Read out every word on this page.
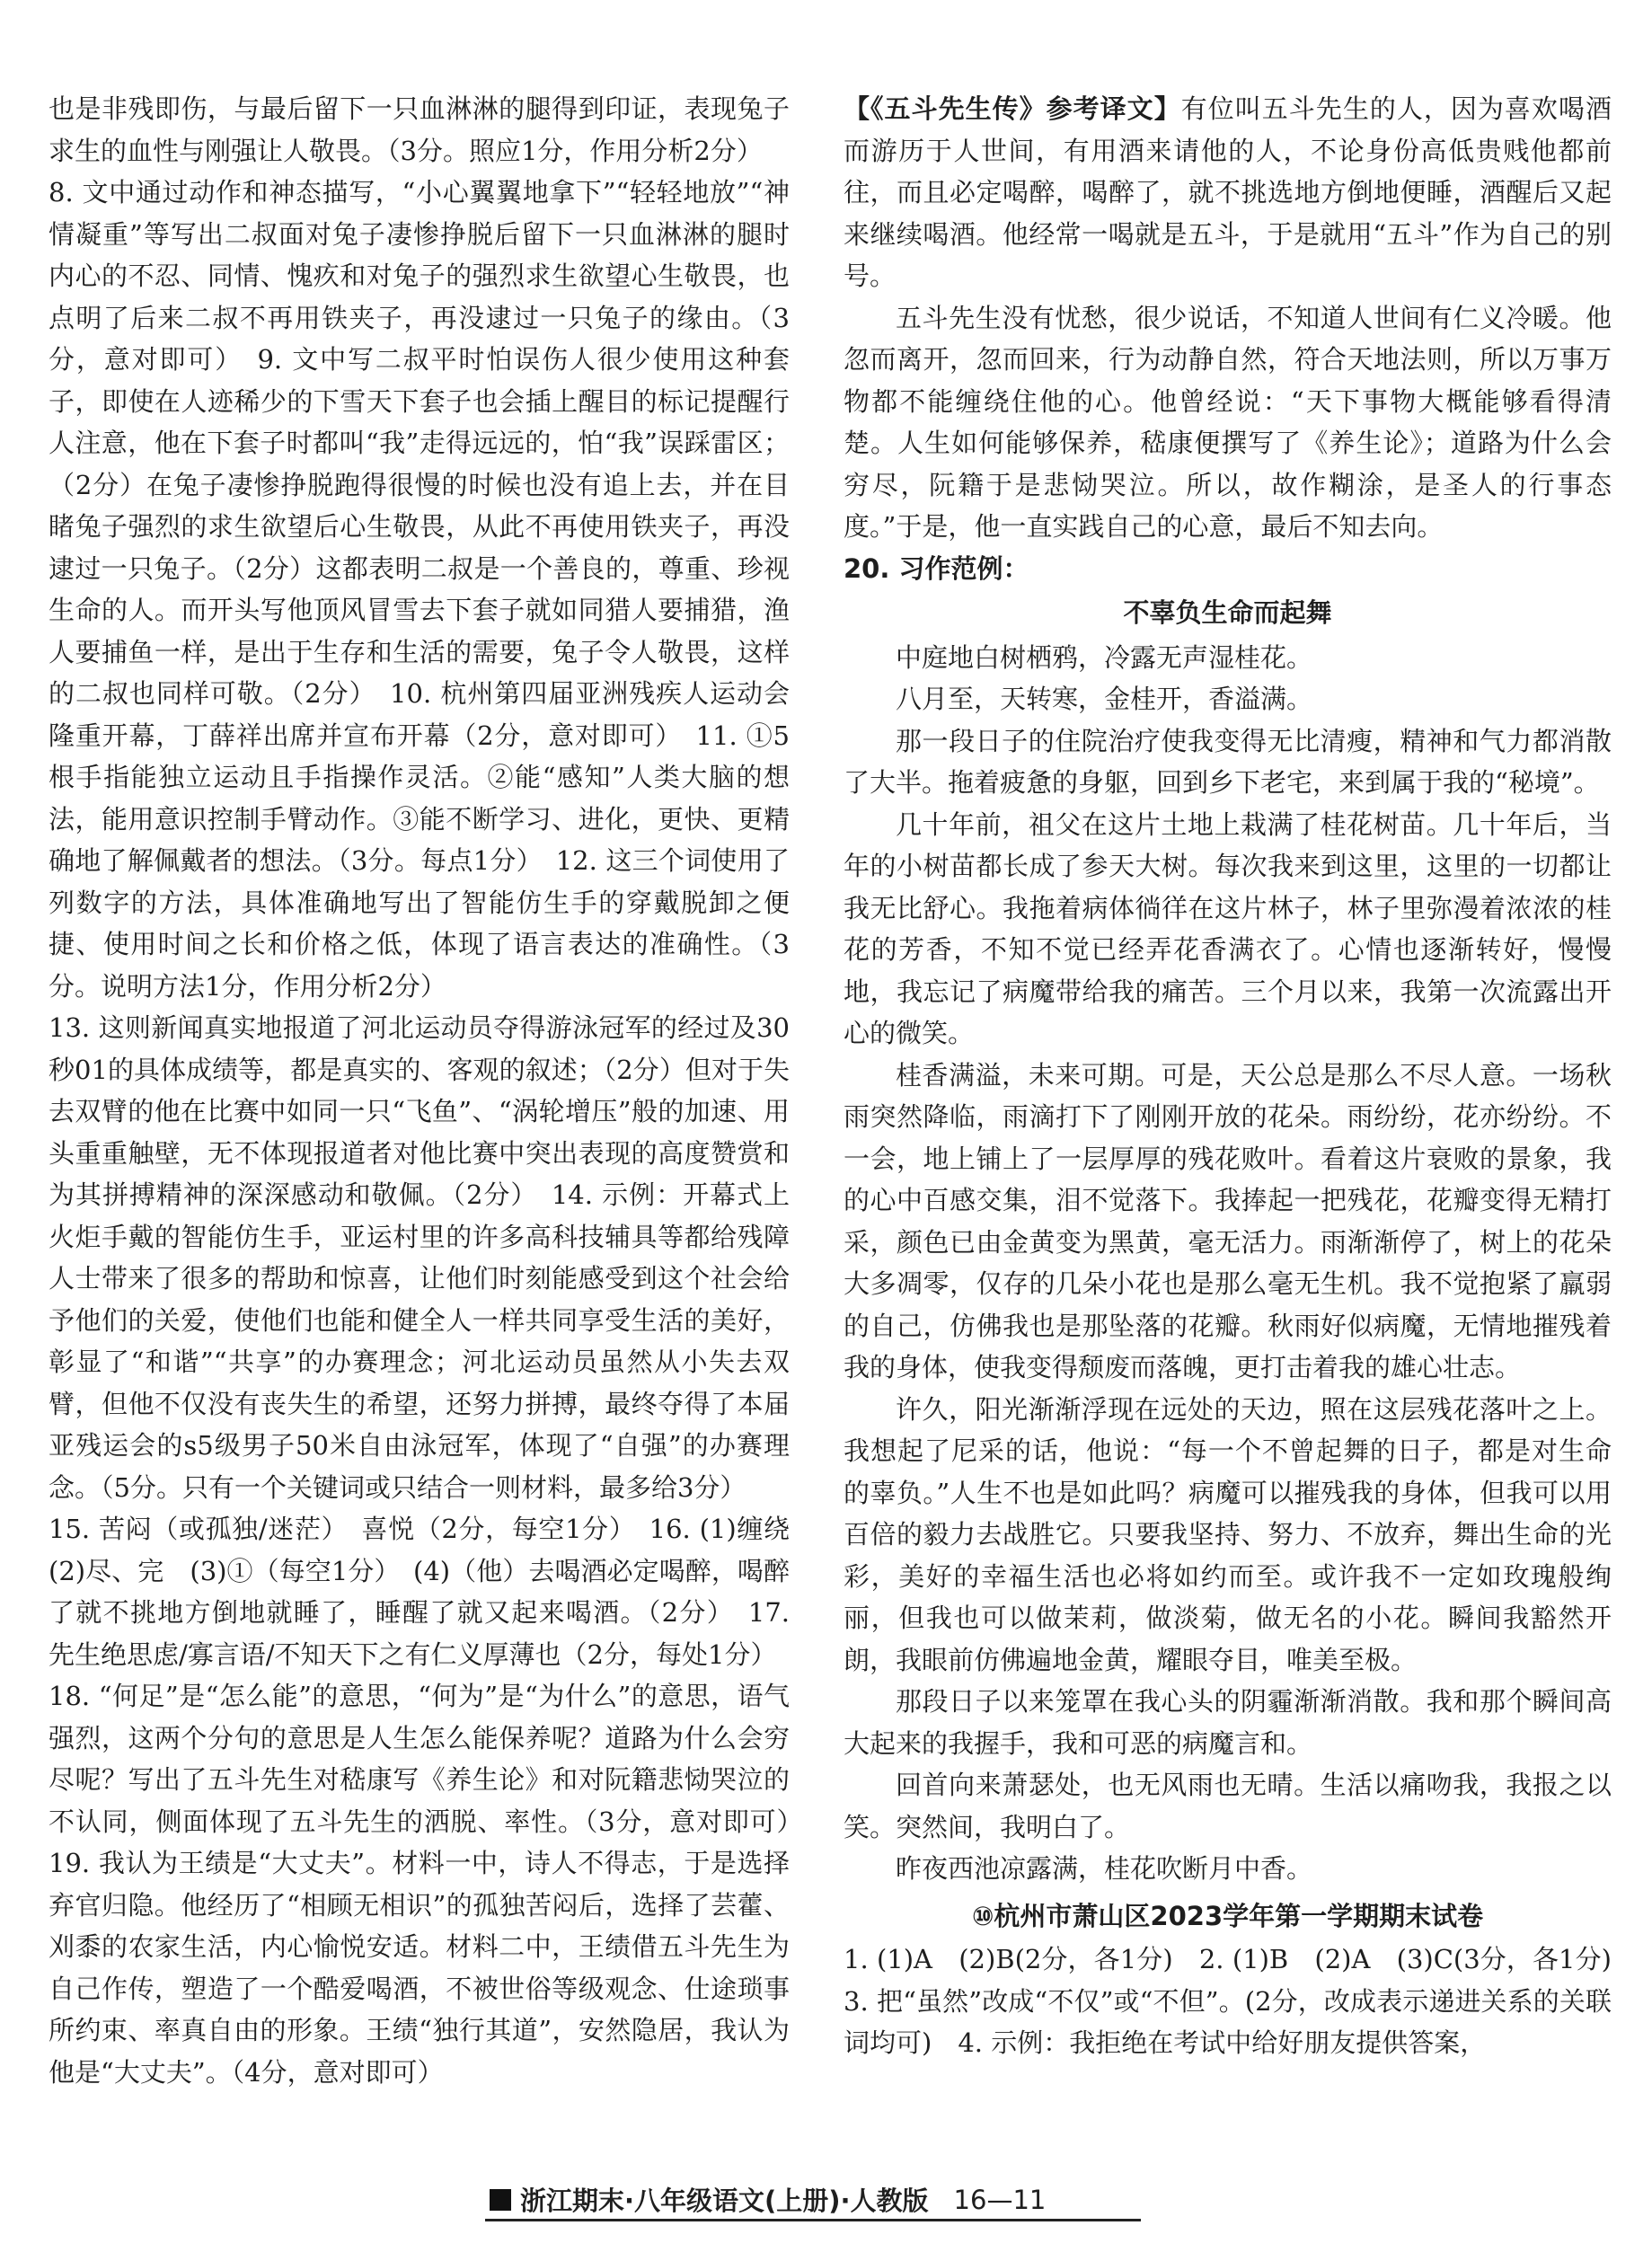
也是非残即伤，与最后留下一只血淋淋的腿得到印证，表现兔子求生的血性与刚强让人敬畏。（3分。照应1分，作用分析2分）

8. 文中通过动作和神态描写，“小心翼翼地拿下”“轻轻地放”“神情凝重”等写出二叔面对兔子凄惨挣脱后留下一只血淋淋的腿时内心的不忍、同情、愧疚和对兔子的强烈求生欲望心生敬畏，也点明了后来二叔不再用铁夹子，再没逮过一只兔子的缘由。（3分，意对即可）　9. 文中写二叔平时怕误伤人很少使用这种套子，即使在人迹稀少的下雪天下套子也会插上醒目的标记提醒行人注意，他在下套子时都叫“我”走得远远的，怕“我”误踩雷区；（2分）在兔子凄惨挣脱跑得很慢的时候也没有追上去，并在目睹兔子强烈的求生欲望后心生敬畏，从此不再使用铁夹子，再没逮过一只兔子。（2分）这都表明二叔是一个善良的，尊重、珍视生命的人。而开头写他顶风冒雪去下套子就如同猎人要捕猎，渔人要捕鱼一样，是出于生存和生活的需要，兔子令人敬畏，这样的二叔也同样可敬。（2分）　10. 杭州第四届亚洲残疾人运动会隆重开幕，丁薛祥出席并宣布开幕（2分，意对即可）　11. ①5根手指能独立运动且手指操作灵活。②能“感知”人类大脑的想法，能用意识控制手臂动作。③能不断学习、进化，更快、更精确地了解佩戴者的想法。（3分。每点1分）　12. 这三个词使用了列数字的方法，具体准确地写出了智能仿生手的穿戴脱卸之便捷、使用时间之长和价格之低，体现了语言表达的准确性。（3分。说明方法1分，作用分析2分）

13. 这则新闻真实地报道了河北运动员夺得游泳冠军的经过及30秒01的具体成绩等，都是真实的、客观的叙述；（2分）但对于失去双臂的他在比赛中如同一只“飞鱼”、“涡轮增压”般的加速、用头重重触壁，无不体现报道者对他比赛中突出表现的高度赞赏和为其拼搏精神的深深感动和敬佩。（2分）　14. 示例：开幕式上火炬手戴的智能仿生手，亚运村里的许多高科技辅具等都给残障人士带来了很多的帮助和惊喜，让他们时刻能感受到这个社会给予他们的关爱，使他们也能和健全人一样共同享受生活的美好，彰显了“和谐”“共享”的办赛理念；河北运动员虽然从小失去双臂，但他不仅没有丧失生的希望，还努力拼搏，最终夺得了本届亚残运会的s5级男子50米自由泳冠军，体现了“自强”的办赛理念。（5分。只有一个关键词或只结合一则材料，最多给3分）

15. 苦闷（或孤独/迷茫）　喜悦（2分，每空1分）　16. (1)缠绕　(2)尽、完　(3)①（每空1分）　(4)（他）去喝酒必定喝醉，喝醉了就不挑地方倒地就睡了，睡醒了就又起来喝酒。（2分）　17. 先生绝思虑/寡言语/不知天下之有仁义厚薄也（2分，每处1分）

18. “何足”是“怎么能”的意思，“何为”是“为什么”的意思，语气强烈，这两个分句的意思是人生怎么能保养呢？道路为什么会穷尽呢？写出了五斗先生对嵇康写《养生论》和对阮籍悲恸哭泣的不认同，侧面体现了五斗先生的洒脱、率性。（3分，意对即可）　19. 我认为王绩是“大丈夫”。材料一中，诗人不得志，于是选择弃官归隐。他经历了“相顾无相识”的孤独苦闷后，选择了芸藿、刈黍的农家生活，内心愉悦安适。材料二中，王绩借五斗先生为自己作传，塑造了一个酷爱喝酒，不被世俗等级观念、仕途琐事所约束、率真自由的形象。王绩“独行其道”，安然隐居，我认为他是“大丈夫”。（4分，意对即可）

【《五斗先生传》参考译文】有位叫五斗先生的人，因为喜欢喝酒而游历于人世间，有用酒来请他的人，不论身份高低贵贱他都前往，而且必定喝醉，喝醉了，就不挑选地方倒地便睡，酒醒后又起来继续喝酒。他经常一喝就是五斗，于是就用“五斗”作为自己的别号。

五斗先生没有忧愁，很少说话，不知道人世间有仁义冷暖。他忽而离开，忽而回来，行为动静自然，符合天地法则，所以万事万物都不能缠绕住他的心。他曾经说：“天下事物大概能够看得清楚。人生如何能够保养，嵇康便撰写了《养生论》；道路为什么会穷尽，阮籍于是悲恸哭泣。所以，故作糊涂，是圣人的行事态度。”于是，他一直实践自己的心意，最后不知去向。

20. 习作范例：

不辜负生命而起舞

中庭地白树栖鸦，冷露无声湿桂花。

八月至，天转寒，金桂开，香溢满。

那一段日子的住院治疗使我变得无比清瘦，精神和气力都消散了大半。拖着疲惫的身躯，回到乡下老宅，来到属于我的“秘境”。

几十年前，祖父在这片土地上栽满了桂花树苗。几十年后，当年的小树苗都长成了参天大树。每次我来到这里，这里的一切都让我无比舒心。我拖着病体徜徉在这片林子，林子里弥漫着浓浓的桂花的芳香，不知不觉已经弄花香满衣了。心情也逐渐转好，慢慢地，我忘记了病魔带给我的痛苦。三个月以来，我第一次流露出开心的微笑。

桂香满溢，未来可期。可是，天公总是那么不尽人意。一场秋雨突然降临，雨滴打下了刚刚开放的花朵。雨纷纷，花亦纷纷。不一会，地上铺上了一层厚厚的残花败叶。看着这片衰败的景象，我的心中百感交集，泪不觉落下。我捧起一把残花，花瓣变得无精打采，颜色已由金黄变为黑黄，毫无活力。雨渐渐停了，树上的花朵大多凋零，仅存的几朵小花也是那么毫无生机。我不觉抱紧了羸弱的自己，仿佛我也是那坠落的花瓣。秋雨好似病魔，无情地摧残着我的身体，使我变得颓废而落魄，更打击着我的雄心壮志。

许久，阳光渐渐浮现在远处的天边，照在这层残花落叶之上。我想起了尼采的话，他说：“每一个不曾起舞的日子，都是对生命的辜负。”人生不也是如此吗？病魔可以摧残我的身体，但我可以用百倍的毅力去战胜它。只要我坚持、努力、不放弃，舞出生命的光彩，美好的幸福生活也必将如约而至。或许我不一定如玫瑰般绚丽，但我也可以做茉莉，做淡菊，做无名的小花。瞬间我豁然开朗，我眼前仿佛遍地金黄，耀眼夺目，唯美至极。

那段日子以来笼罩在我心头的阴霾渐渐消散。我和那个瞬间高大起来的我握手，我和可恶的病魔言和。

回首向来萧瑟处，也无风雨也无晴。生活以痛吻我，我报之以笑。突然间，我明白了。

昨夜西池凉露满，桂花吹断月中香。

⑩杭州市萧山区2023学年第一学期期末试卷

1. (1)A　(2)B(2分，各1分)　2. (1)B　(2)A　(3)C(3分，各1分)　3. 把“虽然”改成“不仅”或“不但”。(2分，改成表示递进关系的关联词均可)　4. 示例：我拒绝在考试中给好朋友提供答案，

浙江期末·八年级语文(上册)·人教版 16—11
